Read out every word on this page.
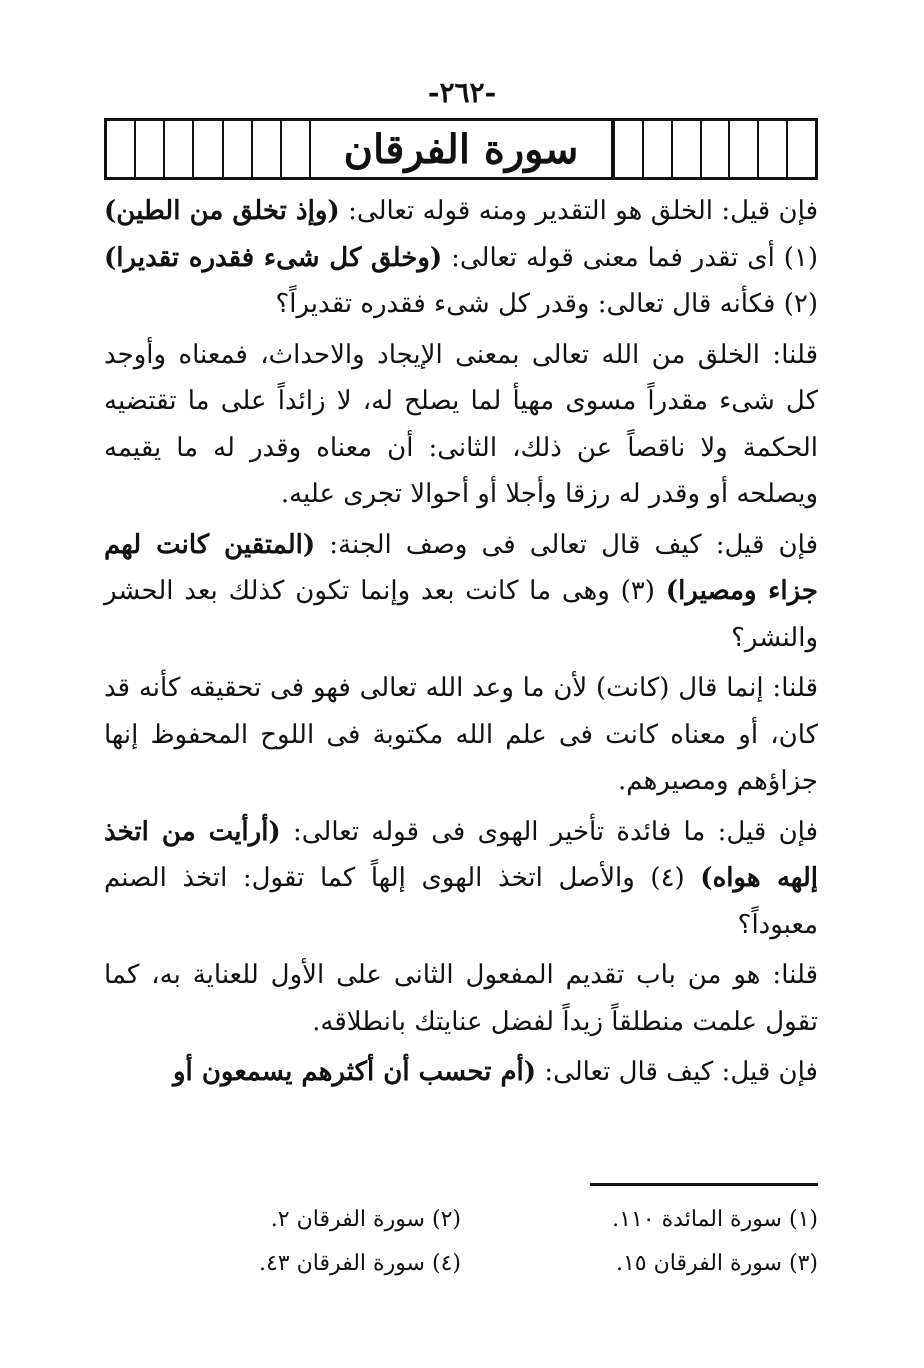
-٢٦٢-
سورة الفرقان

فإن قيل: الخلق هو التقدير ومنه قوله تعالى: (وإذ تخلق من الطين) (١) أى تقدر فما معنى قوله تعالى: (وخلق كل شىء فقدره تقديرا) (٢) فكأنه قال تعالى: وقدر كل شىء فقدره تقديراً؟

قلنا: الخلق من الله تعالى بمعنى الإيجاد والاحداث، فمعناه وأوجد كل شىء مقدراً مسوى مهيأ لما يصلح له، لا زائداً على ما تقتضيه الحكمة ولا ناقصاً عن ذلك، الثانى: أن معناه وقدر له ما يقيمه ويصلحه أو وقدر له رزقا وأجلا أو أحوالا تجرى عليه.

فإن قيل: كيف قال تعالى فى وصف الجنة: (المتقين كانت لهم جزاء ومصيرا) (٣) وهى ما كانت بعد وإنما تكون كذلك بعد الحشر والنشر؟

قلنا: إنما قال (كانت) لأن ما وعد الله تعالى فهو فى تحقيقه كأنه قد كان، أو معناه كانت فى علم الله مكتوبة فى اللوح المحفوظ إنها جزاؤهم ومصيرهم.

فإن قيل: ما فائدة تأخير الهوى فى قوله تعالى: (أرأيت من اتخذ إلهه هواه) (٤) والأصل اتخذ الهوى إلهاً كما تقول: اتخذ الصنم معبوداً؟

قلنا: هو من باب تقديم المفعول الثانى على الأول للعناية به، كما تقول علمت منطلقاً زيداً لفضل عنايتك بانطلاقه.

فإن قيل: كيف قال تعالى: (أم تحسب أن أكثرهم يسمعون أو

(١) سورة المائدة ١١٠.
(٢) سورة الفرقان ٢.
(٣) سورة الفرقان ١٥.
(٤) سورة الفرقان ٤٣.
